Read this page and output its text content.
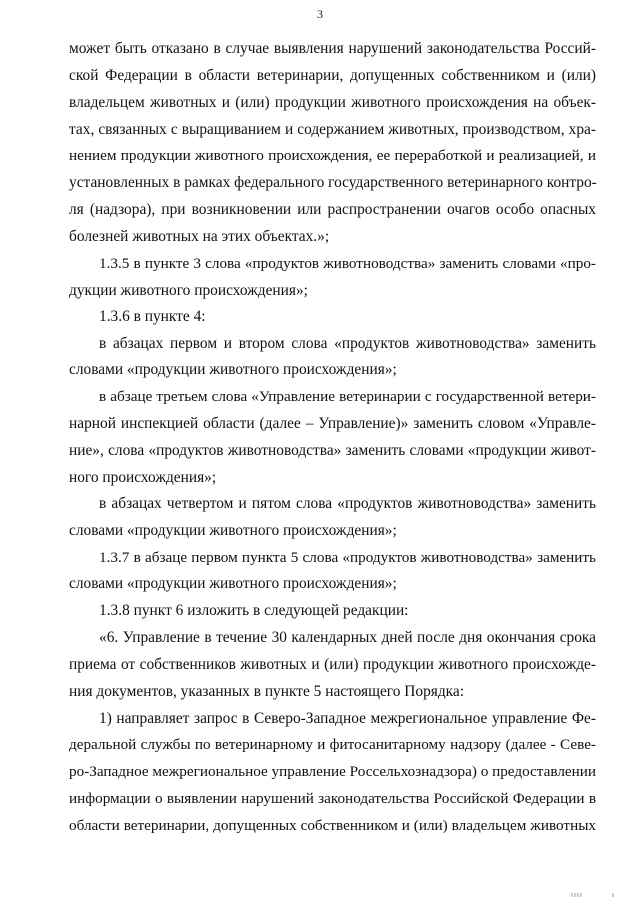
3
может быть отказано в случае выявления нарушений законодательства Россий-
ской Федерации в области ветеринарии, допущенных собственником и (или)
владельцем животных и (или) продукции животного происхождения на объек-
тах, связанных с выращиванием и содержанием животных, производством, хра-
нением продукции животного происхождения, ее переработкой и реализацией, и
установленных в рамках федерального государственного ветеринарного контро-
ля (надзора), при возникновении или распространении очагов особо опасных
болезней животных на этих объектах.»;
1.3.5 в пункте 3 слова «продуктов животноводства» заменить словами «про-
дукции животного происхождения»;
1.3.6 в пункте 4:
в абзацах первом и втором слова «продуктов животноводства» заменить
словами «продукции животного происхождения»;
в абзаце третьем слова «Управление ветеринарии с государственной ветери-
нарной инспекцией области (далее – Управление)» заменить словом «Управле-
ние», слова «продуктов животноводства» заменить словами «продукции живот-
ного происхождения»;
в абзацах четвертом и пятом слова «продуктов животноводства» заменить
словами «продукции животного происхождения»;
1.3.7 в абзаце первом пункта 5 слова «продуктов животноводства» заменить
словами «продукции животного происхождения»;
1.3.8 пункт 6 изложить в следующей редакции:
«6. Управление в течение 30 календарных дней после дня окончания срока
приема от собственников животных и (или) продукции животного происхожде-
ния документов, указанных в пункте 5 настоящего Порядка:
1) направляет запрос в Северо-Западное межрегиональное управление Фе-
деральной службы по ветеринарному и фитосанитарному надзору (далее - Севе-
ро-Западное межрегиональное управление Россельхознадзора) о предоставлении
информации о выявлении нарушений законодательства Российской Федерации в
области ветеринарии, допущенных собственником и (или) владельцем животных
ıııı	ı
